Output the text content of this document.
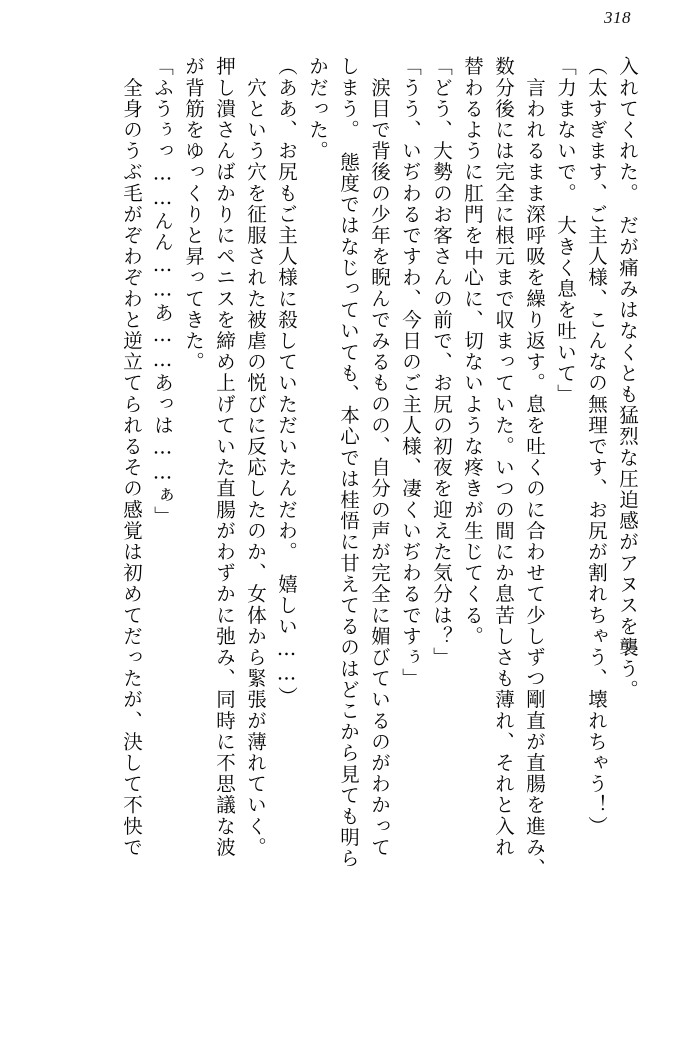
318
入れてくれた。　だが痛みはなくとも猛烈な圧迫感がアヌスを襲う。
（太すぎます、ご主人様、こんなの無理です、お尻が割れちゃう、壊れちゃう！）
「力まないで。　大きく息を吐いて」
　言われるまま深呼吸を繰り返す。息を吐くのに合わせて少しずつ剛直が直腸を進み、
数分後には完全に根元まで収まっていた。いつの間にか息苦しさも薄れ、それと入れ
替わるように肛門を中心に、切ないような疼きが生じてくる。
「どう、大勢のお客さんの前で、お尻の初夜を迎えた気分は？」
「うう、いぢわるですわ、今日のご主人様、凄くいぢわるですぅ」
　涙目で背後の少年を睨んでみるものの、自分の声が完全に媚びているのがわかって
しまう。　態度ではなじっていても、本心では桂悟に甘えてるのはどこから見ても明ら
かだった。
（ああ、お尻もご主人様に殺していただいたんだわ。　嬉しい……）
　穴という穴を征服された被虐の悦びに反応したのか、女体から緊張が薄れていく。
押し潰さんばかりにペニスを締め上げていた直腸がわずかに弛み、同時に不思議な波
が背筋をゆっくりと昇ってきた。
「ふうぅっ……んん……あ……あっは……ぁ」
　全身のうぶ毛がぞわぞわと逆立てられるその感覚は初めてだったが、決して不快で
